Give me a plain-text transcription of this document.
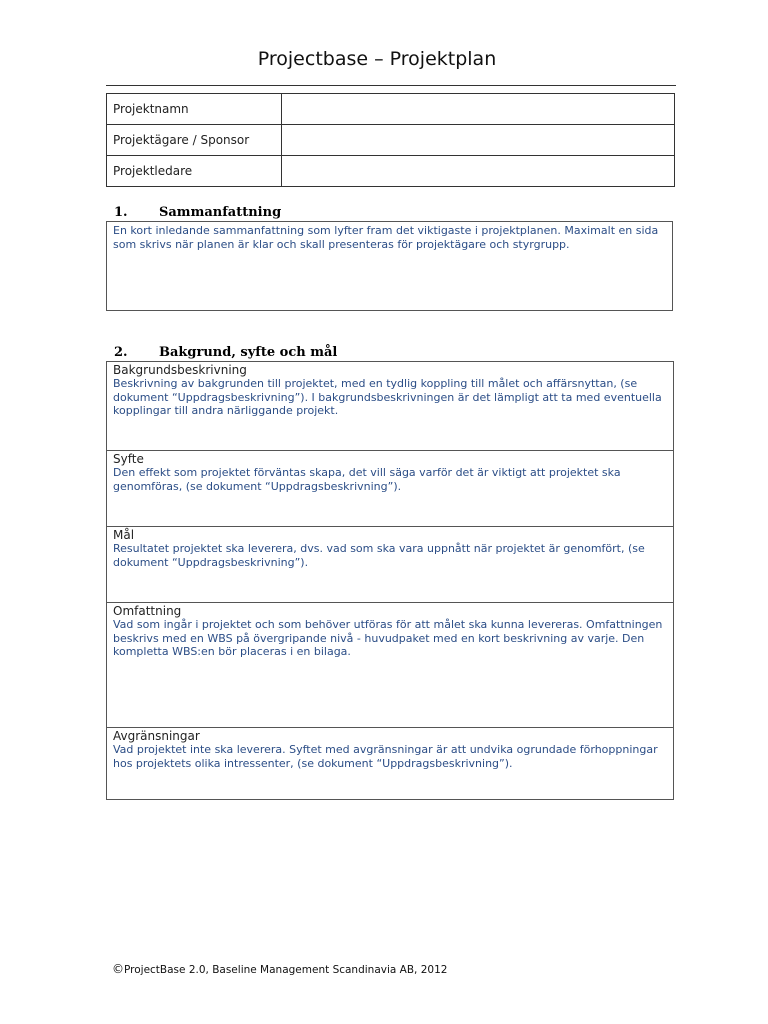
Projectbase – Projektplan
Projektnamn	
Projektägare / Sponsor	
Projektledare	
1. Sammanfattning
En kort inledande sammanfattning som lyfter fram det viktigaste i projektplanen. Maximalt en sida som skrivs när planen är klar och skall presenteras för projektägare och styrgrupp.
2. Bakgrund, syfte och mål
Bakgrundsbeskrivning
Beskrivning av bakgrunden till projektet, med en tydlig koppling till målet och affärsnyttan, (se dokument “Uppdragsbeskrivning”). I bakgrundsbeskrivningen är det lämpligt att ta med eventuella kopplingar till andra närliggande projekt.
Syfte
Den effekt som projektet förväntas skapa, det vill säga varför det är viktigt att projektet ska genomföras, (se dokument “Uppdragsbeskrivning”).
Mål
Resultatet projektet ska leverera, dvs. vad som ska vara uppnått när projektet är genomfört, (se dokument “Uppdragsbeskrivning”).
Omfattning
Vad som ingår i projektet och som behöver utföras för att målet ska kunna levereras. Omfattningen beskrivs med en WBS på övergripande nivå - huvudpaket med en kort beskrivning av varje. Den kompletta WBS:en bör placeras i en bilaga.
Avgränsningar
Vad projektet inte ska leverera. Syftet med avgränsningar är att undvika ogrundade förhoppningar hos projektets olika intressenter, (se dokument “Uppdragsbeskrivning”).
©ProjectBase 2.0, Baseline Management Scandinavia AB, 2012
